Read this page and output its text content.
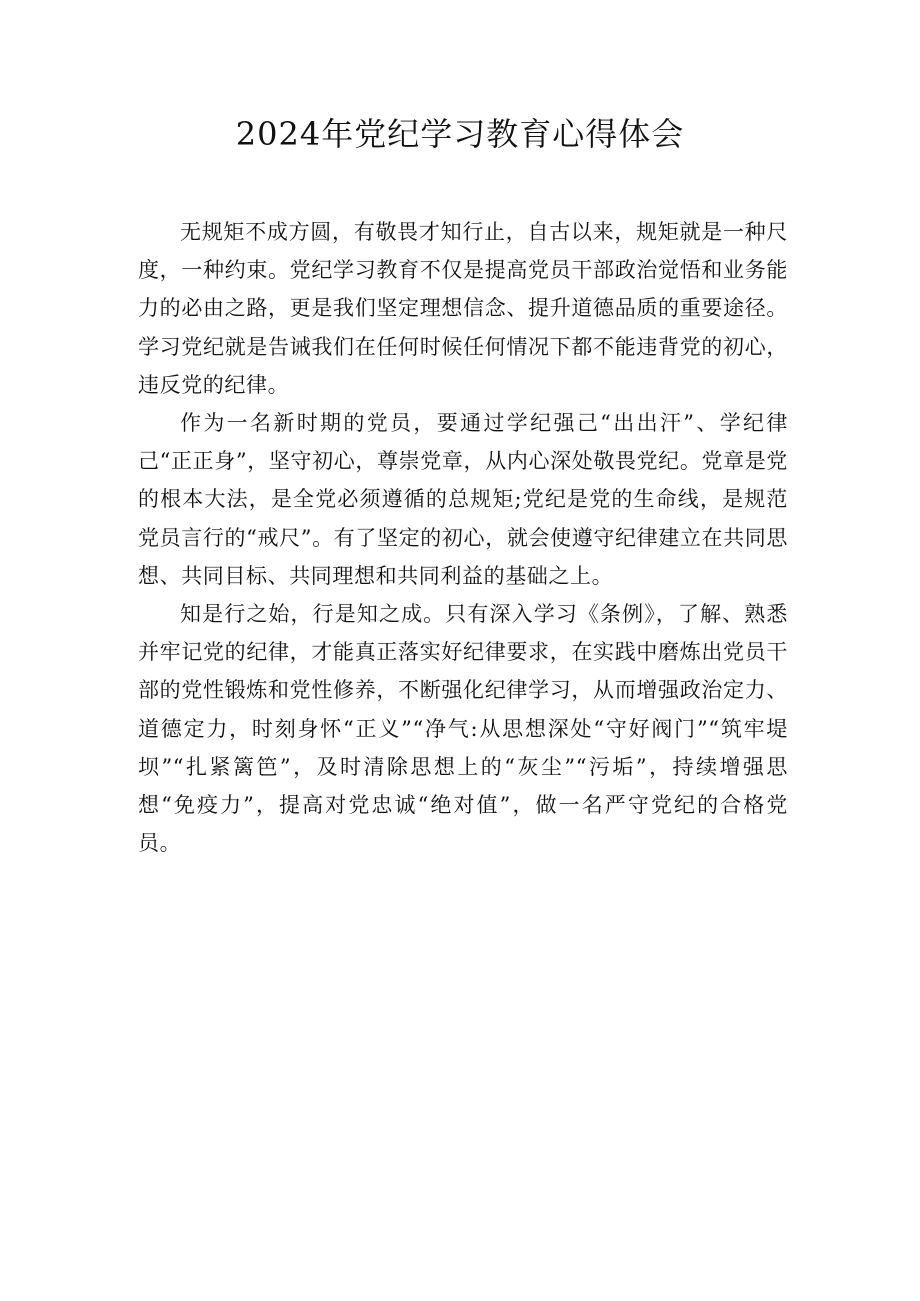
2024年党纪学习教育心得体会

无规矩不成方圆，有敬畏才知行止，自古以来，规矩就是一种尺度，一种约束。党纪学习教育不仅是提高党员干部政治觉悟和业务能力的必由之路，更是我们坚定理想信念、提升道德品质的重要途径。学习党纪就是告诫我们在任何时候任何情况下都不能违背党的初心，违反党的纪律。

作为一名新时期的党员，要通过学纪强己“出出汗”、学纪律己“正正身”，坚守初心，尊崇党章，从内心深处敬畏党纪。党章是党的根本大法，是全党必须遵循的总规矩;党纪是党的生命线，是规范党员言行的“戒尺”。有了坚定的初心，就会使遵守纪律建立在共同思想、共同目标、共同理想和共同利益的基础之上。

知是行之始，行是知之成。只有深入学习《条例》，了解、熟悉并牢记党的纪律，才能真正落实好纪律要求，在实践中磨炼出党员干部的党性锻炼和党性修养，不断强化纪律学习，从而增强政治定力、道德定力，时刻身怀“正义”“净气:从思想深处“守好阀门”“筑牢堤坝”“扎紧篱笆”，及时清除思想上的“灰尘”“污垢”，持续增强思想“免疫力”，提高对党忠诚“绝对值”，做一名严守党纪的合格党员。
